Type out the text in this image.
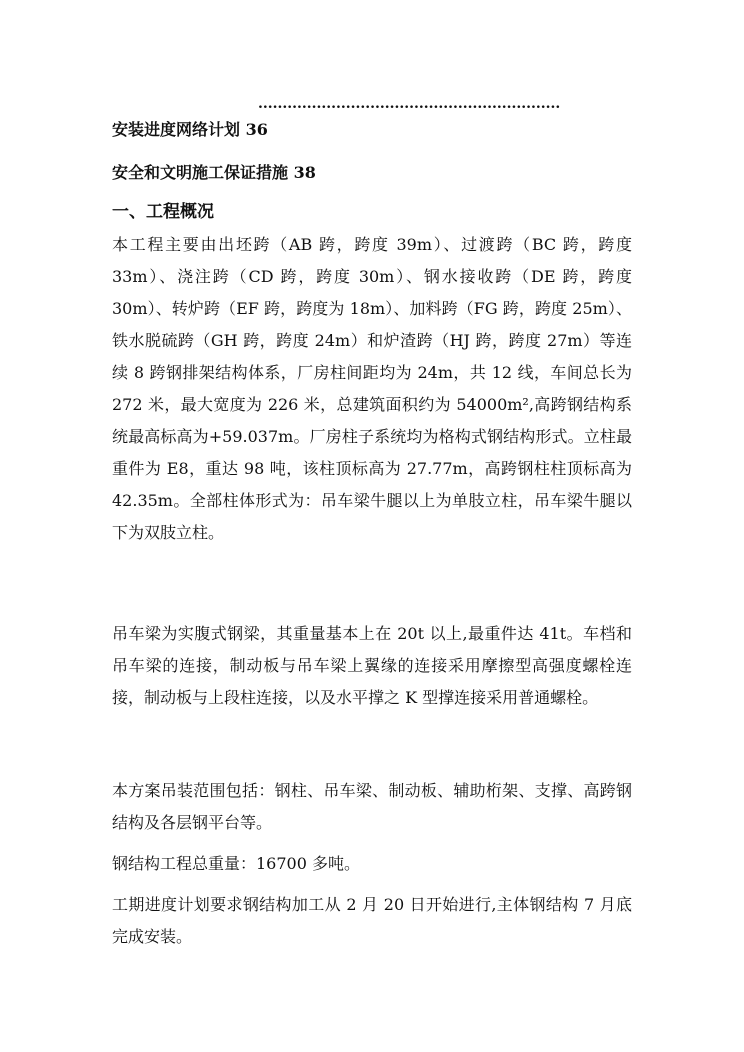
..............................................................
安装进度网络计划 36
安全和文明施工保证措施 38
一、工程概况
本工程主要由出坯跨（AB 跨，跨度 39m）、过渡跨（BC 跨，跨度 33m）、浇注跨（CD 跨，跨度 30m）、钢水接收跨（DE 跨，跨度 30m）、转炉跨（EF 跨，跨度为 18m）、加料跨（FG 跨，跨度 25m）、铁水脱硫跨（GH 跨，跨度 24m）和炉渣跨（HJ 跨，跨度 27m）等连续 8 跨钢排架结构体系，厂房柱间距均为 24m，共 12 线，车间总长为 272 米，最大宽度为 226 米，总建筑面积约为 54000m²,高跨钢结构系统最高标高为+59.037m。厂房柱子系统均为格构式钢结构形式。立柱最重件为 E8，重达 98 吨，该柱顶标高为 27.77m，高跨钢柱柱顶标高为 42.35m。全部柱体形式为：吊车梁牛腿以上为单肢立柱，吊车梁牛腿以下为双肢立柱。
吊车梁为实腹式钢梁，其重量基本上在 20t 以上,最重件达 41t。车档和吊车梁的连接，制动板与吊车梁上翼缘的连接采用摩擦型高强度螺栓连接，制动板与上段柱连接，以及水平撑之 K 型撑连接采用普通螺栓。
本方案吊装范围包括：钢柱、吊车梁、制动板、辅助桁架、支撑、高跨钢结构及各层钢平台等。
钢结构工程总重量：16700 多吨。
工期进度计划要求钢结构加工从 2 月 20 日开始进行,主体钢结构 7 月底完成安装。
